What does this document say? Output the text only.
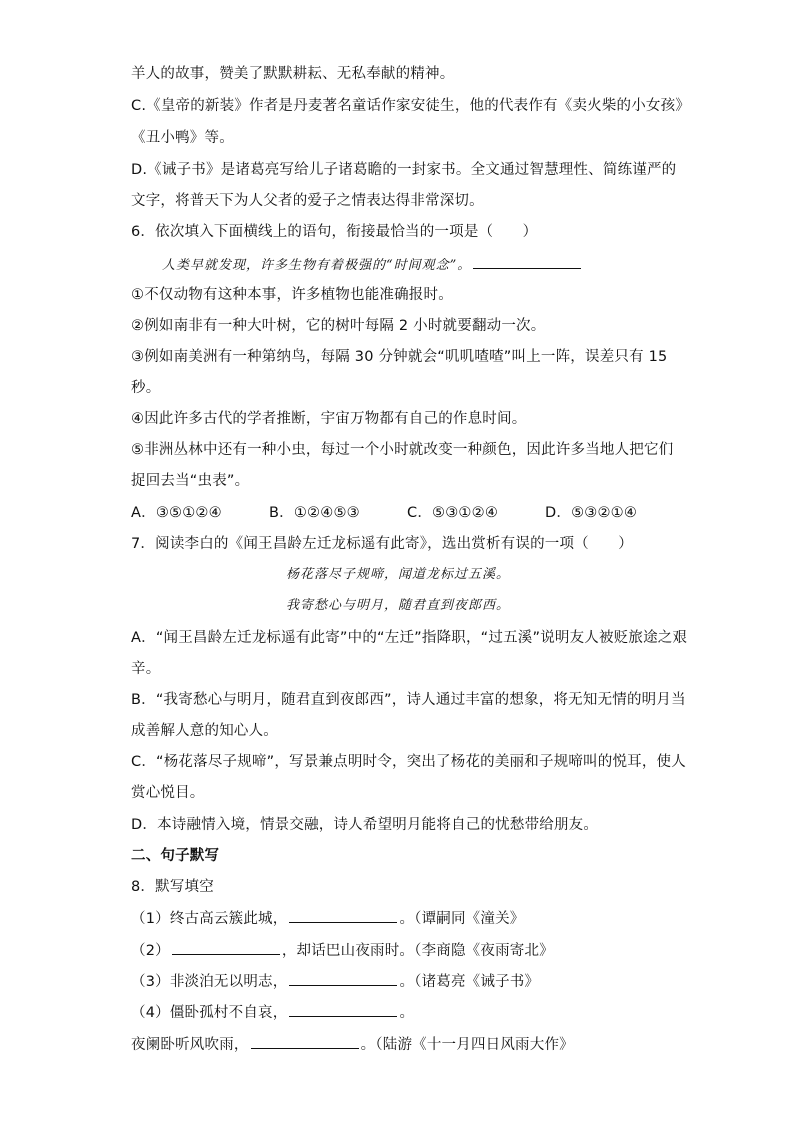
羊人的故事，赞美了默默耕耘、无私奉献的精神。
C.《皇帝的新装》作者是丹麦著名童话作家安徒生，他的代表作有《卖火柴的小女孩》
《丑小鸭》等。
D.《诫子书》是诸葛亮写给儿子诸葛瞻的一封家书。全文通过智慧理性、简练谨严的
文字，将普天下为人父者的爱子之情表达得非常深切。
6．依次填入下面横线上的语句，衔接最恰当的一项是（　　）
人类早就发现，许多生物有着极强的“时间观念”。
①不仅动物有这种本事，许多植物也能准确报时。
②例如南非有一种大叶树，它的树叶每隔 2 小时就要翻动一次。
③例如南美洲有一种第纳鸟，每隔 30 分钟就会“叽叽喳喳”叫上一阵，误差只有 15
秒。
④因此许多古代的学者推断，宇宙万物都有自己的作息时间。
⑤非洲丛林中还有一种小虫，每过一个小时就改变一种颜色，因此许多当地人把它们
捉回去当“虫表”。
A．③⑤①②④	B．①②④⑤③	C．⑤③①②④	D．⑤③②①④
7．阅读李白的《闻王昌龄左迁龙标遥有此寄》，选出赏析有误的一项（　　）
杨花落尽子规啼，闻道龙标过五溪。
我寄愁心与明月，随君直到夜郎西。
A．“闻王昌龄左迁龙标遥有此寄”中的“左迁”指降职，“过五溪”说明友人被贬旅途之艰
辛。
B．“我寄愁心与明月，随君直到夜郎西”，诗人通过丰富的想象，将无知无情的明月当
成善解人意的知心人。
C．“杨花落尽子规啼”，写景兼点明时令，突出了杨花的美丽和子规啼叫的悦耳，使人
赏心悦目。
D．本诗融情入境，情景交融，诗人希望明月能将自己的忧愁带给朋友。
二、句子默写
8．默写填空
（1）终古高云簇此城，	。（谭嗣同《潼关》
（2）	，却话巴山夜雨时。（李商隐《夜雨寄北》
（3）非淡泊无以明志，	。（诸葛亮《诫子书》
（4）僵卧孤村不自哀，	。
夜阑卧听风吹雨，	。（陆游《十一月四日风雨大作》
